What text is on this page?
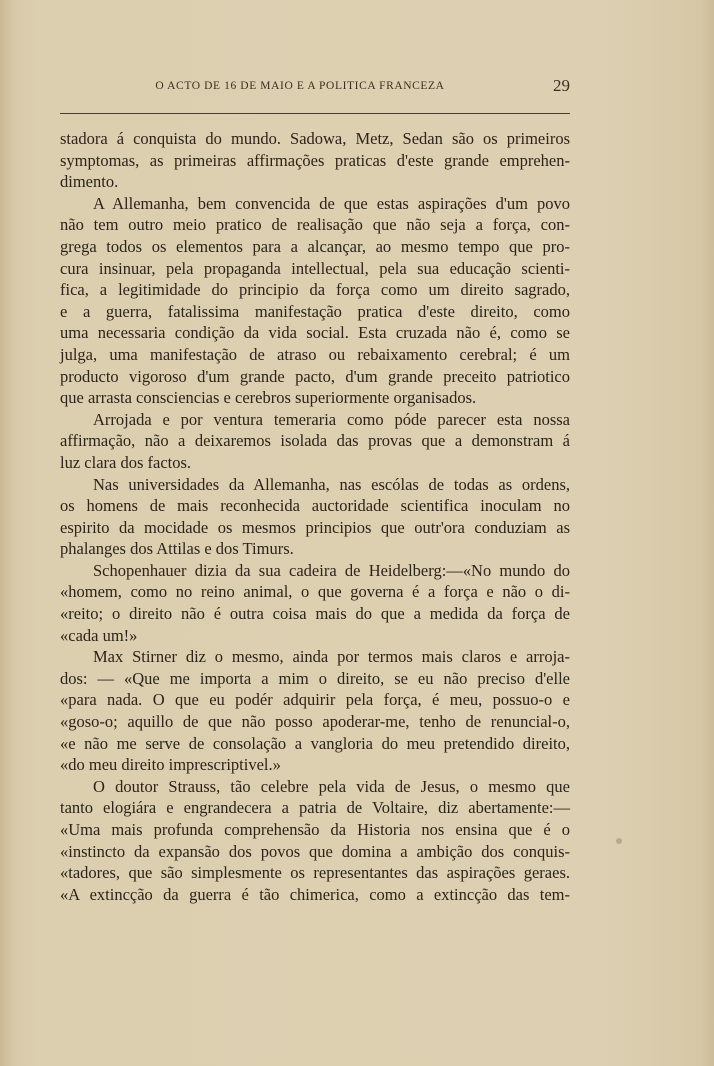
O ACTO DE 16 DE MAIO E A POLITICA FRANCEZA	29
stadora á conquista do mundo. Sadowa, Metz, Sedan são os primeiros
symptomas, as primeiras affirmações praticas d'este grande emprehen-
dimento.
A Allemanha, bem convencida de que estas aspirações d'um povo
não tem outro meio pratico de realisação que não seja a força, con-
grega todos os elementos para a alcançar, ao mesmo tempo que pro-
cura insinuar, pela propaganda intellectual, pela sua educação scienti-
fica, a legitimidade do principio da força como um direito sagrado,
e a guerra, fatalissima manifestação pratica d'este direito, como
uma necessaria condição da vida social. Esta cruzada não é, como se
julga, uma manifestação de atraso ou rebaixamento cerebral; é um
producto vigoroso d'um grande pacto, d'um grande preceito patriotico
que arrasta consciencias e cerebros superiormente organisados.
Arrojada e por ventura temeraria como póde parecer esta nossa
affirmação, não a deixaremos isolada das provas que a demonstram á
luz clara dos factos.
Nas universidades da Allemanha, nas escólas de todas as ordens,
os homens de mais reconhecida auctoridade scientifica inoculam no
espirito da mocidade os mesmos principios que outr'ora conduziam as
phalanges dos Attilas e dos Timurs.
Schopenhauer dizia da sua cadeira de Heidelberg:—«No mundo do
«homem, como no reino animal, o que governa é a força e não o di-
«reito; o direito não é outra coisa mais do que a medida da força de
«cada um!»
Max Stirner diz o mesmo, ainda por termos mais claros e arroja-
dos: — «Que me importa a mim o direito, se eu não preciso d'elle
«para nada. O que eu podér adquirir pela força, é meu, possuo-o e
«goso-o; aquillo de que não posso apoderar-me, tenho de renuncial-o,
«e não me serve de consolação a vangloria do meu pretendido direito,
«do meu direito imprescriptivel.»
O doutor Strauss, tão celebre pela vida de Jesus, o mesmo que
tanto elogiára e engrandecera a patria de Voltaire, diz abertamente:—
«Uma mais profunda comprehensão da Historia nos ensina que é o
«instincto da expansão dos povos que domina a ambição dos conquis-
«tadores, que são simplesmente os representantes das aspirações geraes.
«A extincção da guerra é tão chimerica, como a extincção das tem-
